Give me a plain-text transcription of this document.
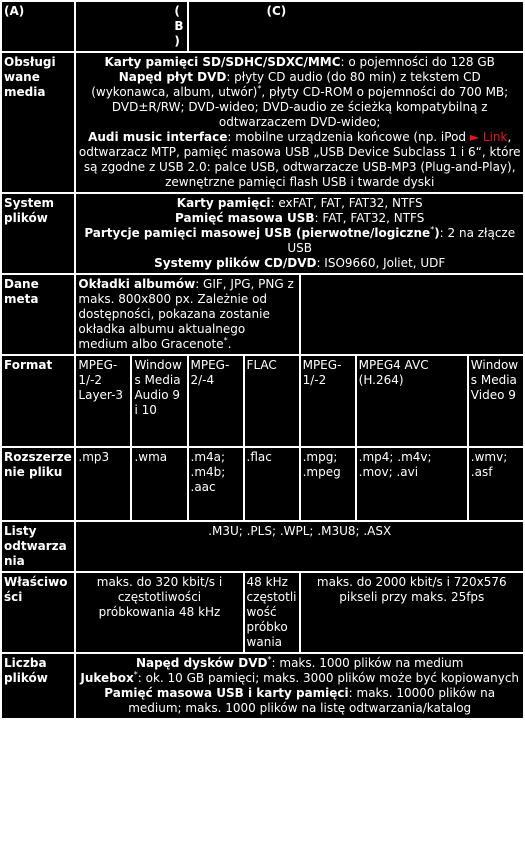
(A)	(B)		(C)				
Obsługi wane media	Karty pamięci SD/SDHC/SDXC/MMC: o pojemności do 128 GB
Napęd płyt DVD: płyty CD audio (do 80 min) z tekstem CD (wykonawca, album, utwór)*, płyty CD-ROM o pojemności do 700 MB; DVD±R/RW; DVD-wideo; DVD-audio ze ścieżką kompatybilną z odtwarzaczem DVD-wideo;
Audi music interface: mobilne urządzenia końcowe (np. iPod ► Link, odtwarzacz MTP, pamięć masowa USB „USB Device Subclass 1 i 6“, które są zgodne z USB 2.0: palce USB, odtwarzacze USB-MP3 (Plug-and-Play), zewnętrzne pamięci flash USB i twarde dyski						
System plików	Karty pamięci: exFAT, FAT, FAT32, NTFS
Pamięć masowa USB: FAT, FAT32, NTFS
Partycje pamięci masowej USB (pierwotne/logiczne*): 2 na złącze USB
Systemy plików CD/DVD: ISO9660, Joliet, UDF						
Dane meta	Okładki albumów: GIF, JPG, PNG z maks. 800x800 px. Zależnie od dostępności, pokazana zostanie okładka albumu aktualnego medium albo Gracenote*.						
Format	MPEG-1/-2 Layer-3	Windows Media Audio 9 i 10	MPEG-2/-4	FLAC	MPEG-1/-2	MPEG4 AVC (H.264)	Windows Media Video 9
Rozszerzenie pliku	.mp3	.wma	.m4a; .m4b; .aac	.flac	.mpg; .mpeg	.mp4; .m4v; .mov; .avi	.wmv; .asf
Listy odtwarzania	.M3U; .PLS; .WPL; .M3U8; .ASX						
Właściwości	maks. do 320 kbit/s i częstotliwości próbkowania 48 kHz			48 kHz częstotliwość próbkowania	maks. do 2000 kbit/s i 720x576 pikseli przy maks. 25fps		
Liczba plików	Napęd dysków DVD*: maks. 1000 plików na medium
Jukebox*: ok. 10 GB pamięci; maks. 3000 plików może być kopiowanych
Pamięć masowa USB i karty pamięci: maks. 10000 plików na medium; maks. 1000 plików na listę odtwarzania/katalog						
